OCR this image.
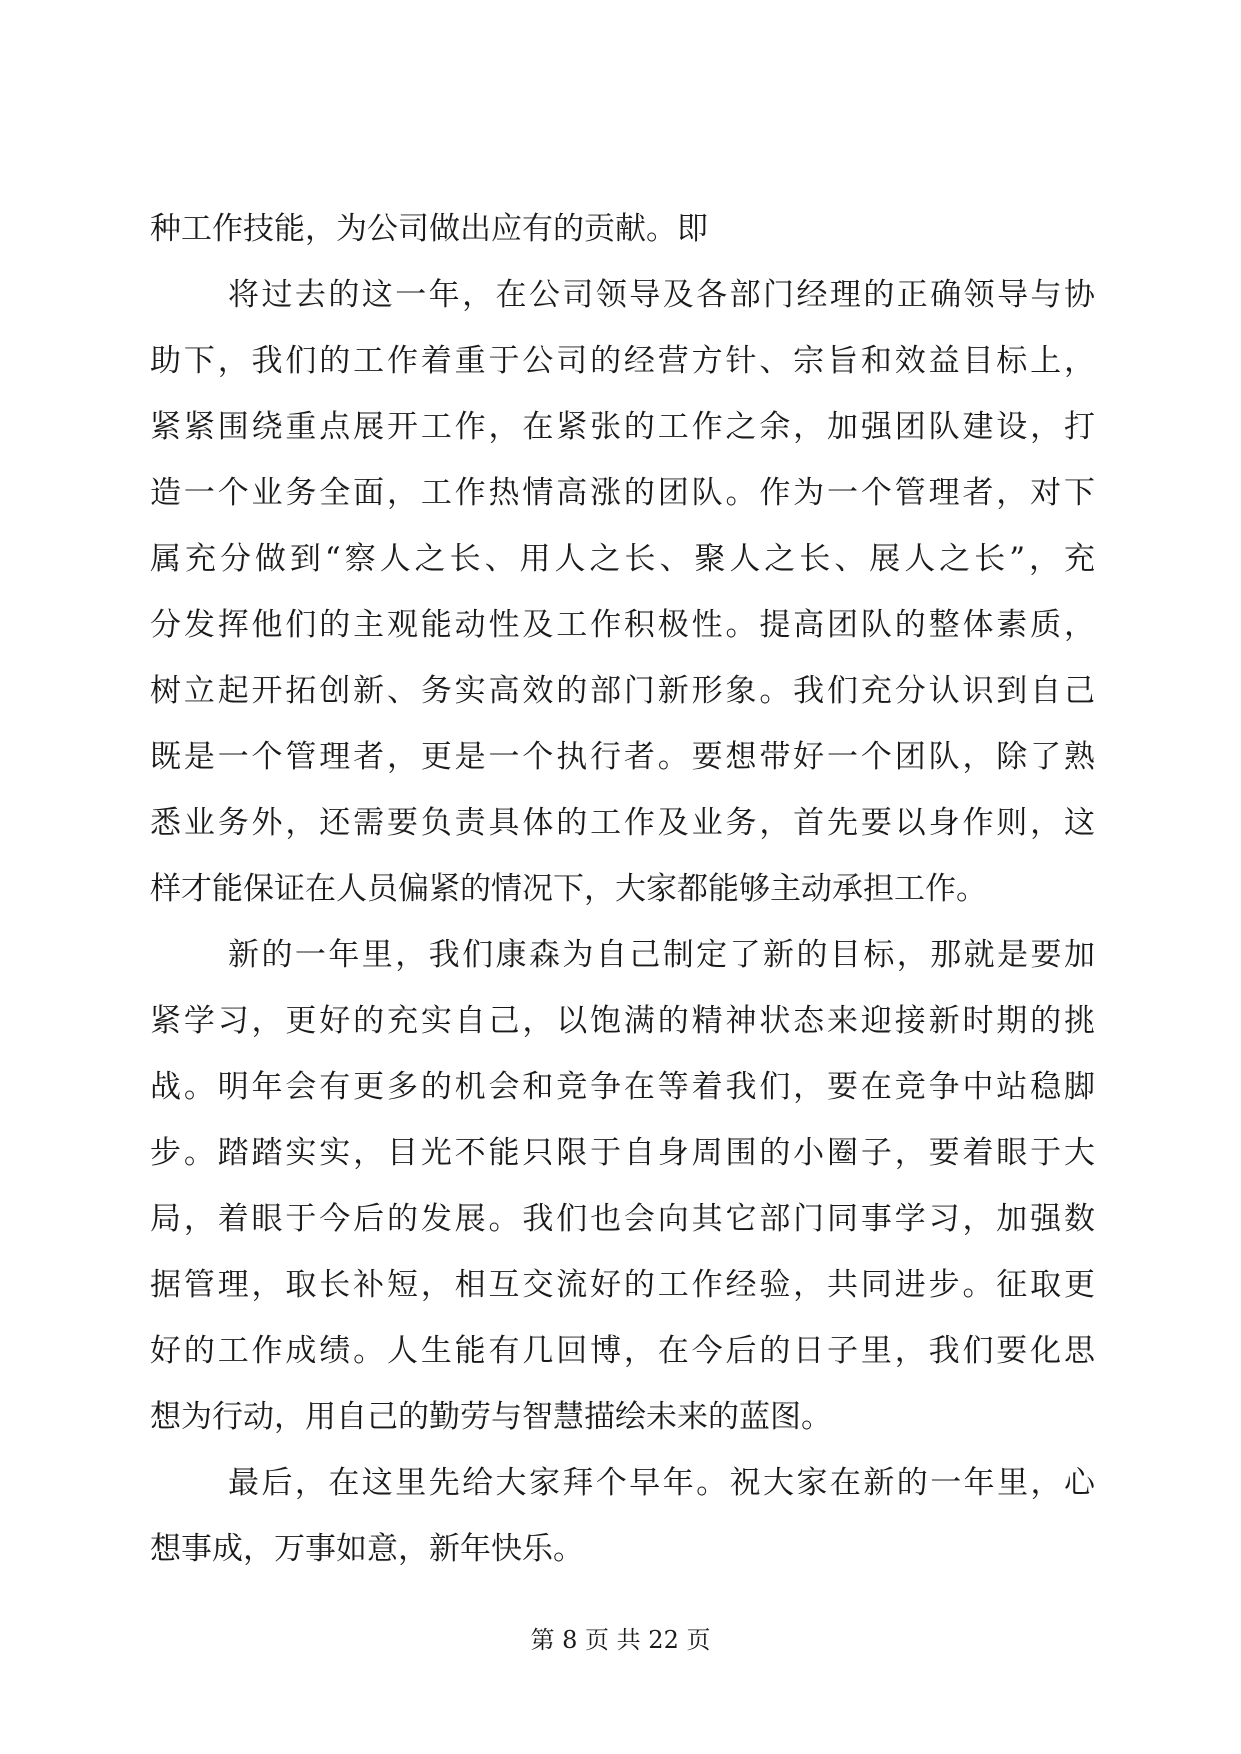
种工作技能，为公司做出应有的贡献。即
将过去的这一年，在公司领导及各部门经理的正确领导与协
助下，我们的工作着重于公司的经营方针、宗旨和效益目标上，
紧紧围绕重点展开工作，在紧张的工作之余，加强团队建设，打
造一个业务全面，工作热情高涨的团队。作为一个管理者，对下
属充分做到“察人之长、用人之长、聚人之长、展人之长”，充
分发挥他们的主观能动性及工作积极性。提高团队的整体素质，
树立起开拓创新、务实高效的部门新形象。我们充分认识到自己
既是一个管理者，更是一个执行者。要想带好一个团队，除了熟
悉业务外，还需要负责具体的工作及业务，首先要以身作则，这
样才能保证在人员偏紧的情况下，大家都能够主动承担工作。
新的一年里，我们康森为自己制定了新的目标，那就是要加
紧学习，更好的充实自己，以饱满的精神状态来迎接新时期的挑
战。明年会有更多的机会和竞争在等着我们，要在竞争中站稳脚
步。踏踏实实，目光不能只限于自身周围的小圈子，要着眼于大
局，着眼于今后的发展。我们也会向其它部门同事学习，加强数
据管理，取长补短，相互交流好的工作经验，共同进步。征取更
好的工作成绩。人生能有几回博，在今后的日子里，我们要化思
想为行动，用自己的勤劳与智慧描绘未来的蓝图。
最后，在这里先给大家拜个早年。祝大家在新的一年里，心
想事成，万事如意，新年快乐。
第 8 页 共 22 页
